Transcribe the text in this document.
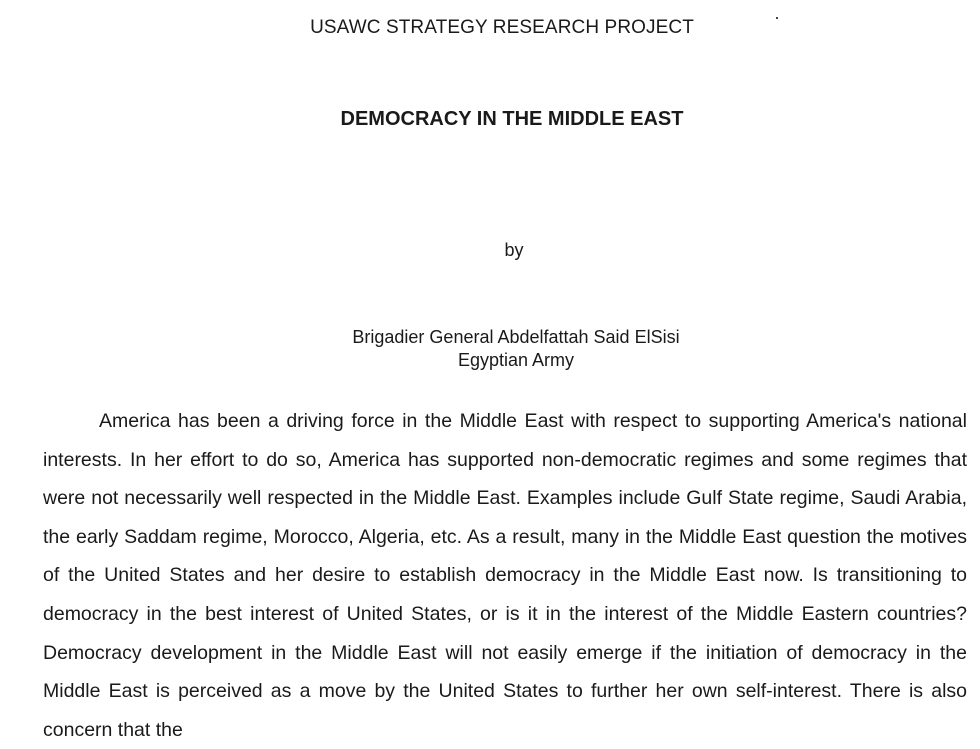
USAWC STRATEGY RESEARCH PROJECT
DEMOCRACY IN THE MIDDLE EAST
by
Brigadier General Abdelfattah Said ElSisi
Egyptian Army

America has been a driving force in the Middle East with respect to supporting America's national interests. In her effort to do so, America has supported non-democratic regimes and some regimes that were not necessarily well respected in the Middle East. Examples include Gulf State regime, Saudi Arabia, the early Saddam regime, Morocco, Algeria, etc. As a result, many in the Middle East question the motives of the United States and her desire to establish democracy in the Middle East now. Is transitioning to democracy in the best interest of United States, or is it in the interest of the Middle Eastern countries? Democracy development in the Middle East will not easily emerge if the initiation of democracy in the Middle East is perceived as a move by the United States to further her own self-interest. There is also concern that the
